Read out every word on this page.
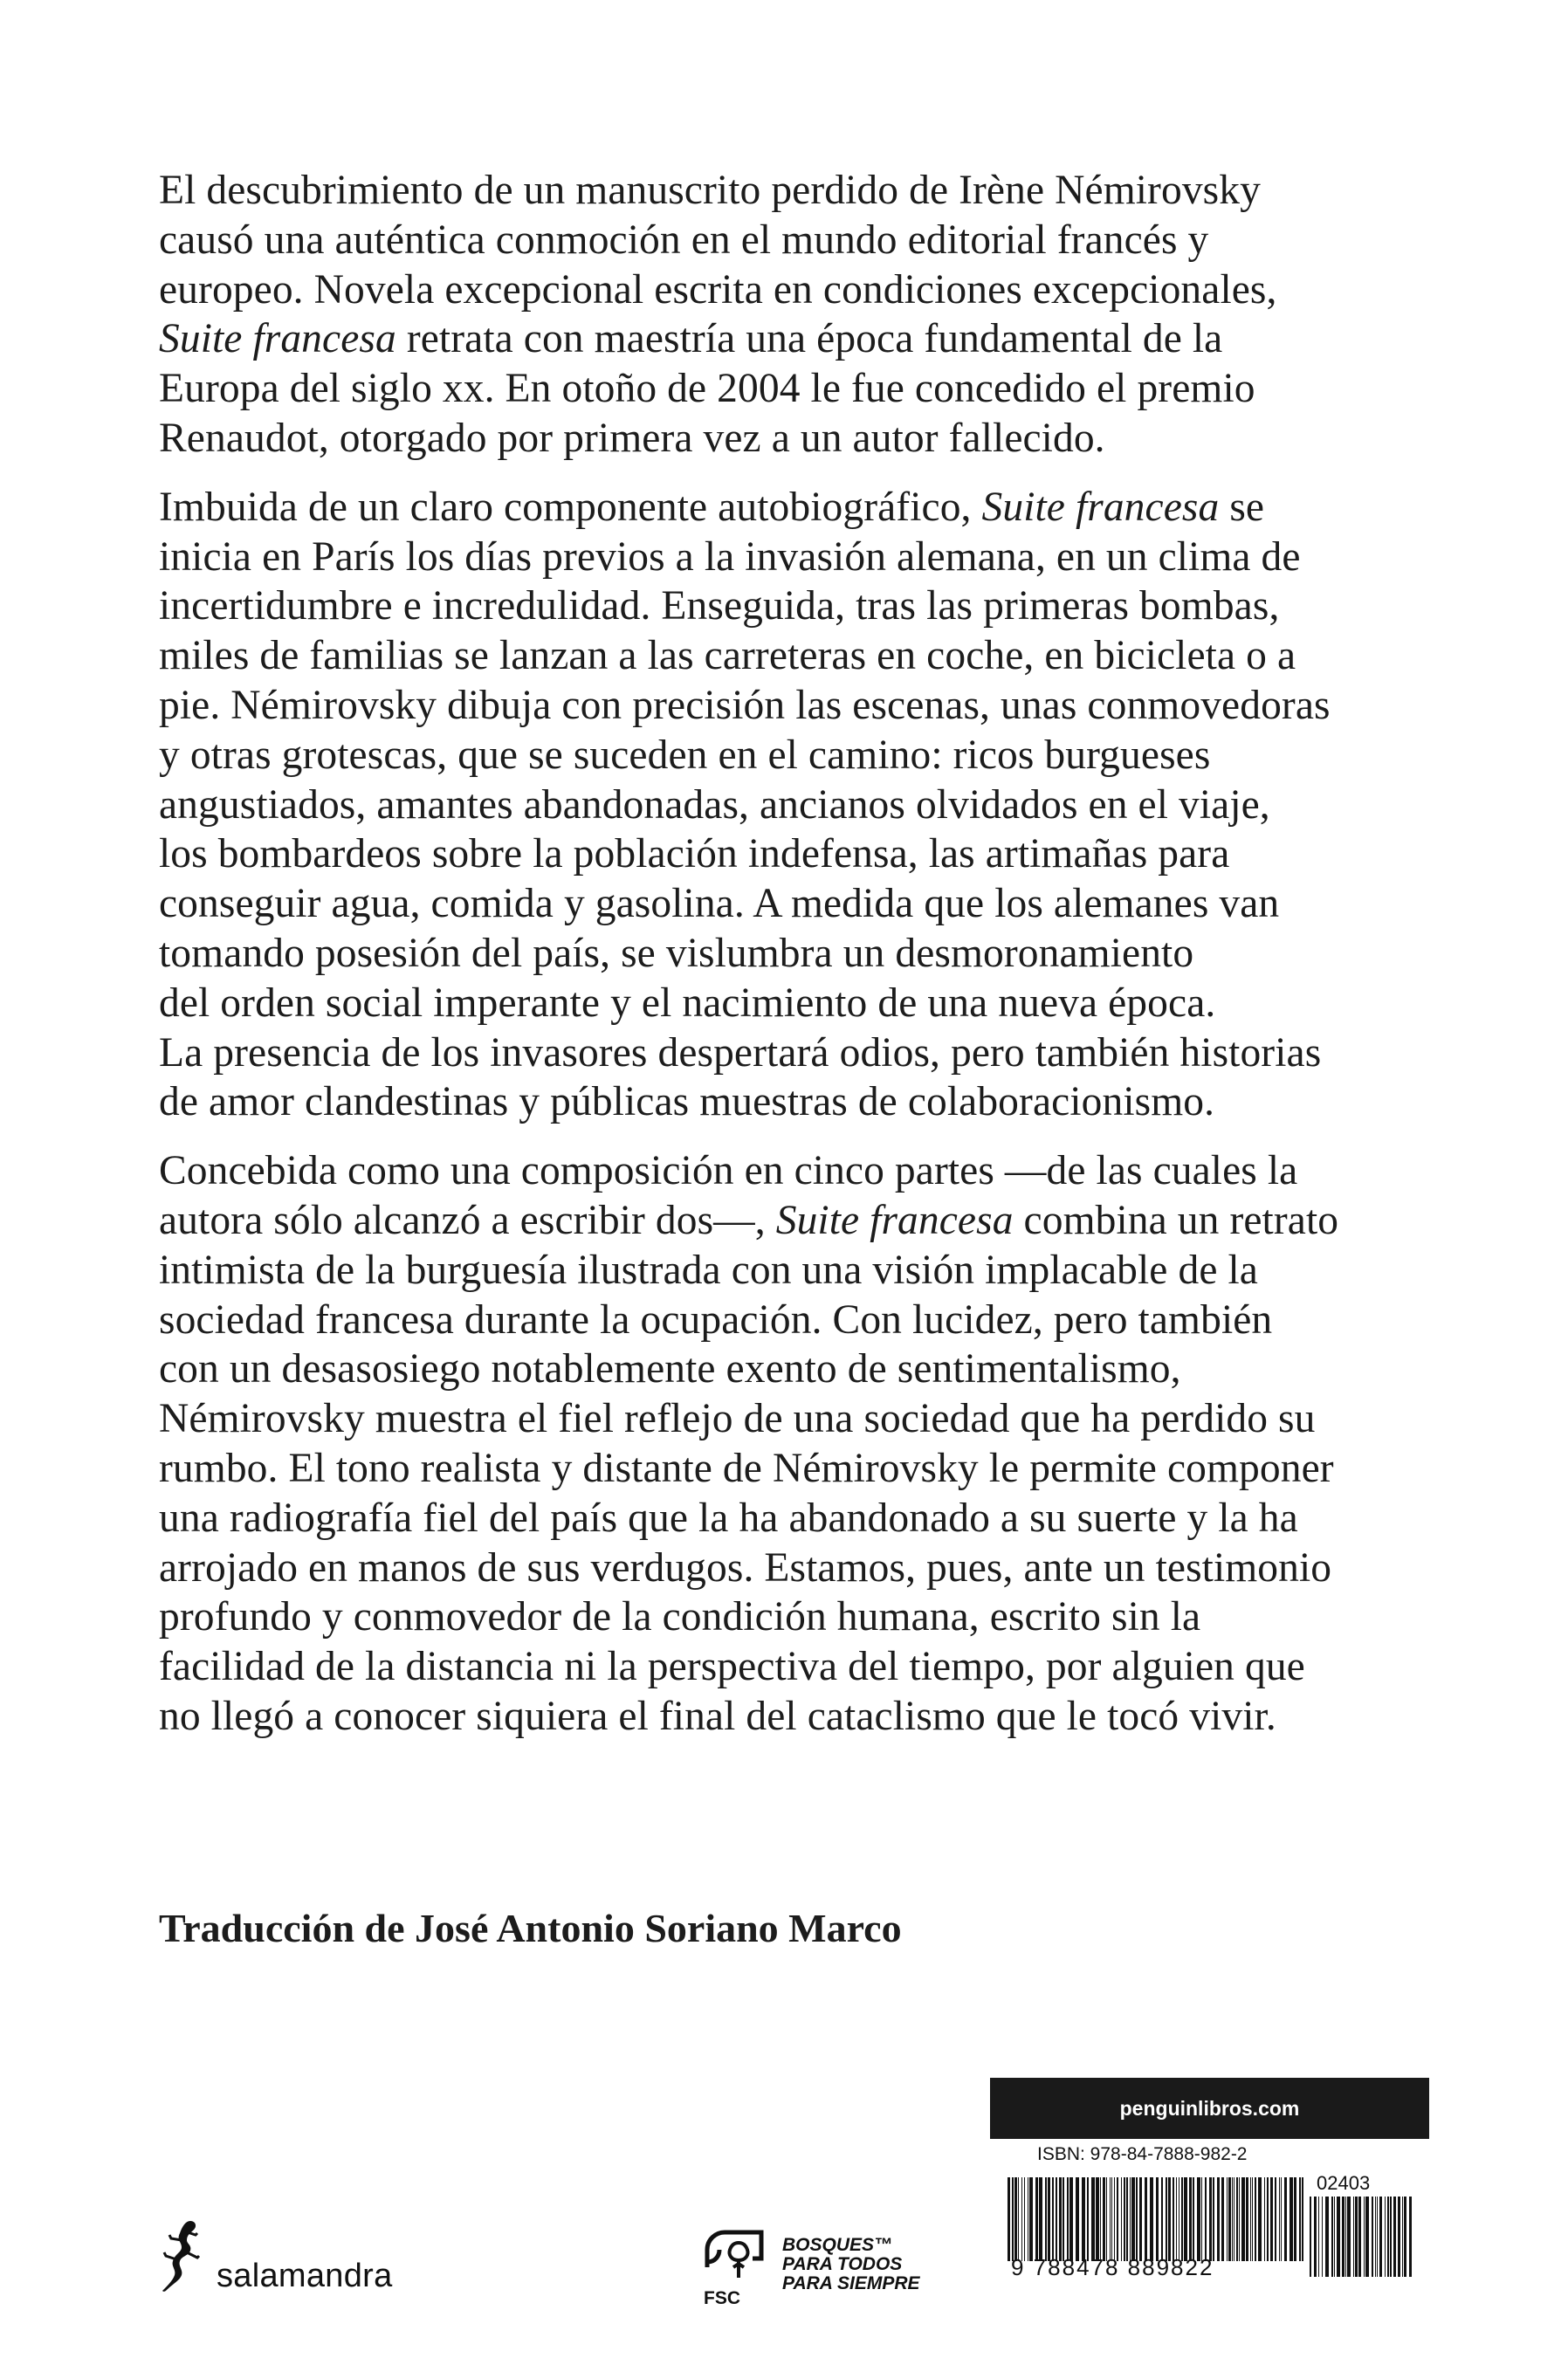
El descubrimiento de un manuscrito perdido de Irène Némirovsky
causó una auténtica conmoción en el mundo editorial francés y
europeo. Novela excepcional escrita en condiciones excepcionales,
Suite francesa retrata con maestría una época fundamental de la
Europa del siglo xx. En otoño de 2004 le fue concedido el premio
Renaudot, otorgado por primera vez a un autor fallecido.

Imbuida de un claro componente autobiográfico, Suite francesa se
inicia en París los días previos a la invasión alemana, en un clima de
incertidumbre e incredulidad. Enseguida, tras las primeras bombas,
miles de familias se lanzan a las carreteras en coche, en bicicleta o a
pie. Némirovsky dibuja con precisión las escenas, unas conmovedoras
y otras grotescas, que se suceden en el camino: ricos burgueses
angustiados, amantes abandonadas, ancianos olvidados en el viaje,
los bombardeos sobre la población indefensa, las artimañas para
conseguir agua, comida y gasolina. A medida que los alemanes van
tomando posesión del país, se vislumbra un desmoronamiento
del orden social imperante y el nacimiento de una nueva época.
La presencia de los invasores despertará odios, pero también historias
de amor clandestinas y públicas muestras de colaboracionismo.

Concebida como una composición en cinco partes —de las cuales la
autora sólo alcanzó a escribir dos—, Suite francesa combina un retrato
intimista de la burguesía ilustrada con una visión implacable de la
sociedad francesa durante la ocupación. Con lucidez, pero también
con un desasosiego notablemente exento de sentimentalismo,
Némirovsky muestra el fiel reflejo de una sociedad que ha perdido su
rumbo. El tono realista y distante de Némirovsky le permite componer
una radiografía fiel del país que la ha abandonado a su suerte y la ha
arrojado en manos de sus verdugos. Estamos, pues, ante un testimonio
profundo y conmovedor de la condición humana, escrito sin la
facilidad de la distancia ni la perspectiva del tiempo, por alguien que
no llegó a conocer siquiera el final del cataclismo que le tocó vivir.

Traducción de José Antonio Soriano Marco
salamandra
FSC
BOSQUES™
PARA TODOS
PARA SIEMPRE
penguinlibros.com
ISBN: 978-84-7888-982-2
02403
9 788478 889822
